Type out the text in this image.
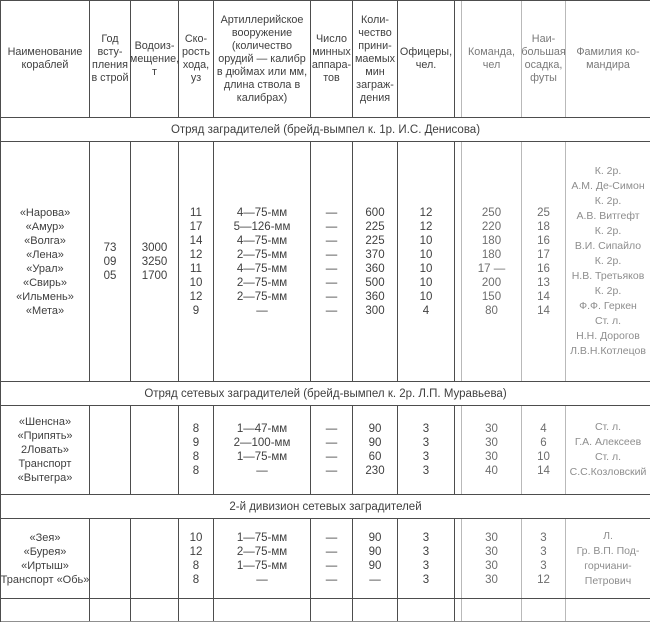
Наименование
кораблей
Год
всту-
пления
в строй
Водоиз-
мещение,
т
Ско-
рость
хода,
уз
Артиллерийское
вооружение
(количество
орудий — калибр
в дюймах или мм,
длина ствола в
калибрах)
Число
минных
аппара-
тов
Коли-
чество
прини-
маемых
мин
заграж-
дения
Офицеры,
чел.
Команда,
чел
Наи-
большая
осадка,
футы
Фамилия ко-
мандира
Отряд заградителей (брейд-вымпел к. 1р. И.С. Денисова)
«Нарова»
«Амур»
«Волга»
«Лена»
«Урал»
«Свирь»
«Ильмень»
«Мета»
73
09
05
3000
3250
1700
11
17
14
12
11
10
12
9
4—75-мм
5—126-мм
4—75-мм
2—75-мм
4—75-мм
2—75-мм
2—75-мм
—
—
—
—
—
—
—
—
—
600
225
225
370
360
500
360
300
12
12
10
10
10
10
10
4
250
220
180
180
17 —
200
150
80
25
18
16
17
16
13
14
14
К. 2р.
А.М. Де-Симон
К. 2р.
А.В. Витгефт
К. 2р.
В.И. Сипайло
К. 2р.
Н.В. Третьяков
К. 2р.
Ф.Ф. Геркен
Ст. л.
Н.Н. Дорогов
Л.В.Н.Котлецов
Отряд сетевых заградителей (брейд-вымпел к. 2р. Л.П. Муравьева)
«Шенсна»
«Припять»
2Ловать»
Транспорт
«Вытегра»
8
9
8
8
1—47-мм
2—100-мм
1—75-мм
—
—
—
—
—
90
90
60
230
3
3
3
3
30
30
30
40
4
6
10
14
Ст. л.
Г.А. Алексеев
Ст. л.
С.С.Козловский
2-й дивизион сетевых заградителей
«Зея»
«Бурея»
«Иртыш»
Транспорт «Обь»
10
12
8
8
1—75-мм
2—75-мм
1—75-мм
—
—
—
—
—
90
90
90
—
3
3
3
3
30
30
30
30
3
3
3
12
Л.
Гр. В.П. Под-
горчиани-
Петрович
